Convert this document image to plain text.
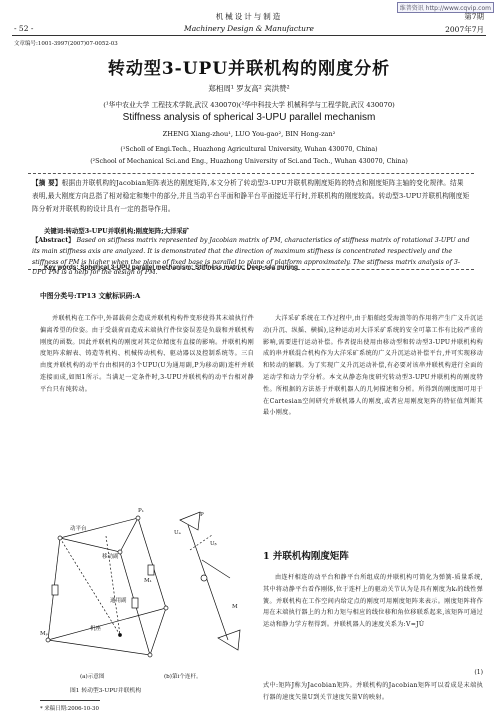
维普资讯 http://www.cqvip.com
机械设计与制造	第7期
- 52 -	Machinery Design & Manufacture	2007年7月
文章编号:1001-3997(2007)07-0052-03
转动型3-UPU并联机构的刚度分析
郑相周¹ 罗友高² 宾洪赞²
(¹华中农业大学 工程技术学院,武汉 430070)(²华中科技大学 机械科学与工程学院,武汉 430070)
Stiffness analysis of spherical 3-UPU parallel mechanism
ZHENG Xiang-zhou¹, LUO You-gao², BIN Hong-zan²
(¹Scholl of Engi.Tech., Huazhong Agricultural University, Wuhan 430070, China)
(²School of Mechanical Sci.and Eng., Huazhong University of Sci.and Tech., Wuhan 430070, China)
【摘 要】根据由并联机构的Jacobian矩阵表达的刚度矩阵,本文分析了转动型3-UPU并联机构刚度矩阵的特点和刚度矩阵主轴的变化规律。结果表明,最大刚度方向总指了相对稳定和集中的部分,并且当动平台平面和静平台平面接近平行时,并联机构的刚度较高。转动型3-UPU并联机构刚度矩阵分析对并联机构的设计具有一定的指导作用。
关键词:转动型3-UPU并联机构;刚度矩阵;大洋采矿
【Abstract】 Based on stiffness matrix represented by Jacobian matrix of PM, characteristics of stiffness matrix of rotational 3-UPU and its main stiffness axis are analyzed. It is demonstrated that the direction of maximum stiffness is concentrated respectively and the stiffness of PM is higher when the plane of fixed base is parallel to plane of platform approximately. The stiffness matrix analysis of 3-UPU PM is a help for the design of PM.
Key words: Spherical 3-UPU parallel mechanism; Stiffness matrix; Deep-sea mining
中图分类号:TP13 文献标识码:A
并联机构在工作中,外部载荷会造成并联机构构件变形使得其末端执行件偏离希望的位姿。由于受载荷而造成末端执行件位姿误差是负载和并联机构刚度的函数。因此并联机构的刚度对其定位精度有直接的影响。并联机构刚度矩阵求解表、铸造等机构、机械传动机构、驱动器以及控制系统等。三自由度并联机构的动平台由相同的3个UPU(U为通用副,P为移动副)连杆并联连接而成,如图1所示。当满足一定条件时,3-UPU并联机构的动平台相对静平台只有纯转动。
大洋采矿系统在工作过程中,由于船舶经受海浪等的作用将产生广义升沉运动(升沉、纵摇、横摇),这种运动对大洋采矿系统的安全可靠工作有比较严重的影响,需要进行运动补偿。作者提出使用由移动型和转动型3-UPU并联机构构成的串并联混合机构作为大洋采矿系统的广义升沉运动补偿平台,并可实现移动和转动的解耦。为了实现广义升沉运动补偿,有必要对该串并联机构进行全面的运动学和动力学分析。本文从静态角度研究转动型3-UPU并联机构的刚度特性。所根据的方法基于并联机器人的几何描述和分析。所得到的刚度图可用于在Cartesian空间研究并联机器人的刚度,或者应用刚度矩阵的特征值判断其最小刚度。
1 并联机构刚度矩阵
由连杆相连的动平台和静平台所组成的并联机构可简化为弹簧-质量系统,其中将动静平台看作刚体,位于连杆上的驱动关节认为是具有刚度为kᵢ的线性弹簧。并联机构在工作空间内给定点的刚度可用刚度矩阵来表示。刚度矩阵将作用在末端执行器上的力和力矩与相应的线位移和角位移联系起来,该矩阵可通过运动和静力学方程得到。并联机器人的速度关系为:V=JU̇
(1)
式中:矩阵J称为Jacobian矩阵。并联机构的Jacobian矩阵可以看成是末端执行器的速度矢量U到关节速度矢量V的映射。
动平台
移动副
通用副
机座
P₁
M₁
Mₚ
Uₐ
Uᵦ
M
P
(a)示意图	(b)第i个连杆。
图1 转动型3-UPU并联机构
* 来稿日期:2006-10-30
